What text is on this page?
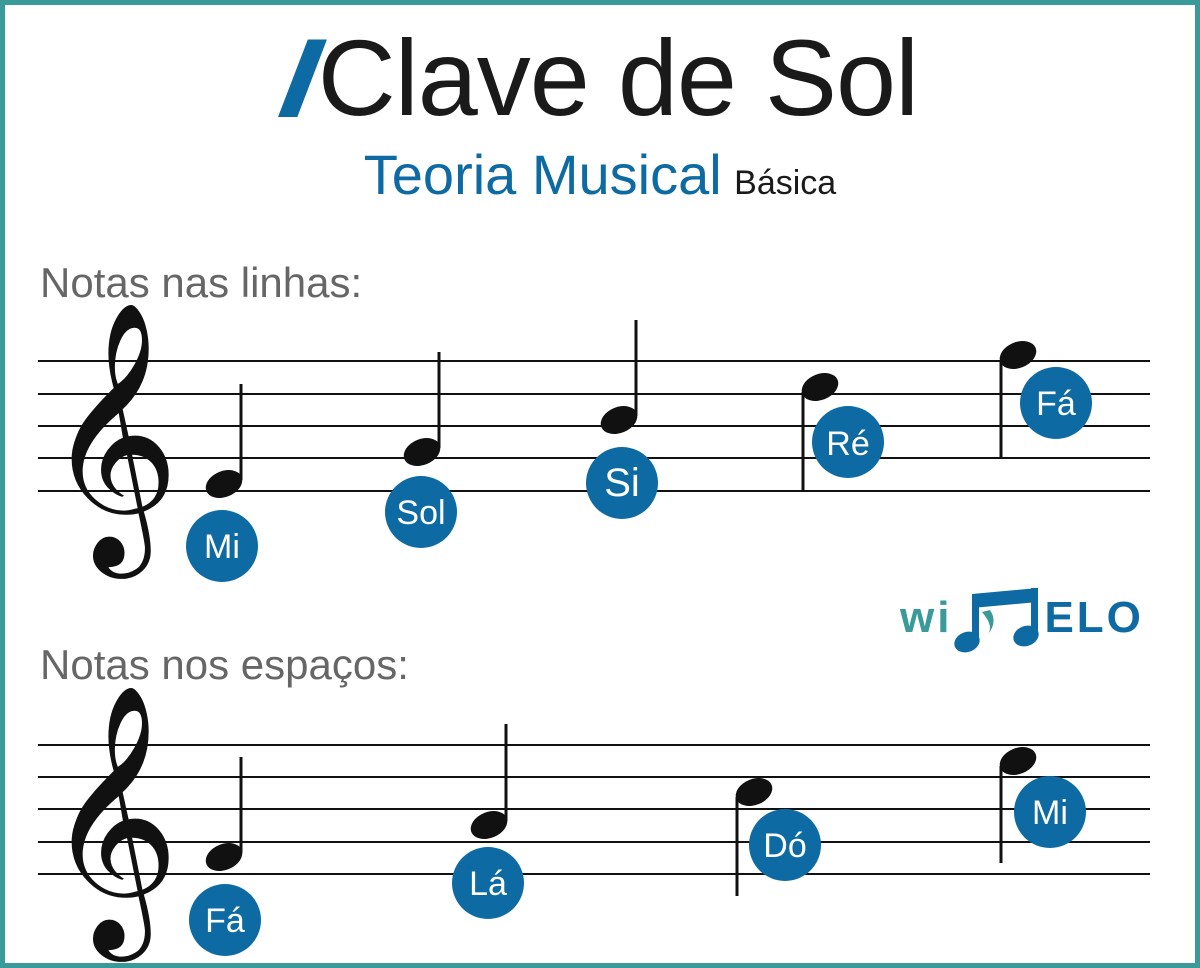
// Clave de Sol
Teoria Musical Básica
Notas nas linhas:
Notas nos espaços:
𝄞 Mi
Sol
Si
Ré
Fá
𝄞 Fá
Lá
Dó
Mi
wi ELO
